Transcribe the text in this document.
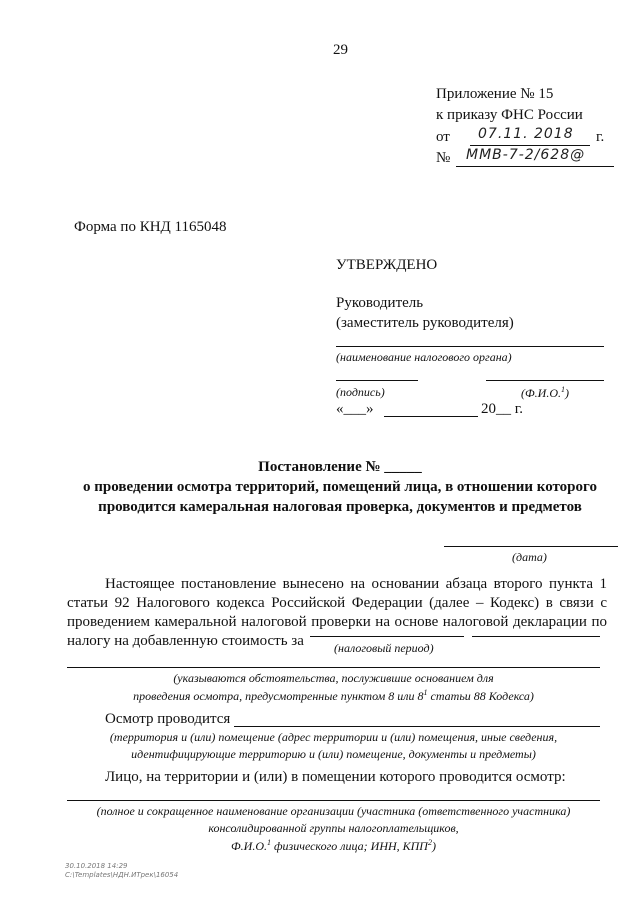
29
Приложение № 15
к приказу ФНС России
от 07.11. 2018 г.
№ ММВ-7-2/628@
Форма по КНД 1165048
УТВЕРЖДЕНО
Руководитель
(заместитель руководителя)
(наименование налогового органа)
(подпись)	(Ф.И.О.$^1$)
«___»	20__ г.
Постановление № _____
о проведении осмотра территорий, помещений лица, в отношении которого
проводится камеральная налоговая проверка, документов и предметов
(дата)
Настоящее постановление вынесено на основании абзаца второго пункта 1 статьи 92 Налогового кодекса Российской Федерации (далее – Кодекс) в связи с проведением камеральной налоговой проверки на основе налоговой декларации по налогу на добавленную стоимость за	(налоговый период)
(указываются обстоятельства, послужившие основанием для
проведения осмотра, предусмотренные пунктом 8 или $8^1$ статьи 88 Кодекса)
Осмотр проводится
(территория и (или) помещение (адрес территории и (или) помещения, иные сведения,
идентифицирующие территорию и (или) помещение, документы и предметы)
Лицо, на территории и (или) в помещении которого проводится осмотр:
(полное и сокращенное наименование организации (участника (ответственного участника)
консолидированной группы налогоплательщиков,
Ф.И.О.$^1$ физического лица; ИНН, КПП$^2$)
30.10.2018 14:29
C:\Templates\НДН.ИТрек\16054
